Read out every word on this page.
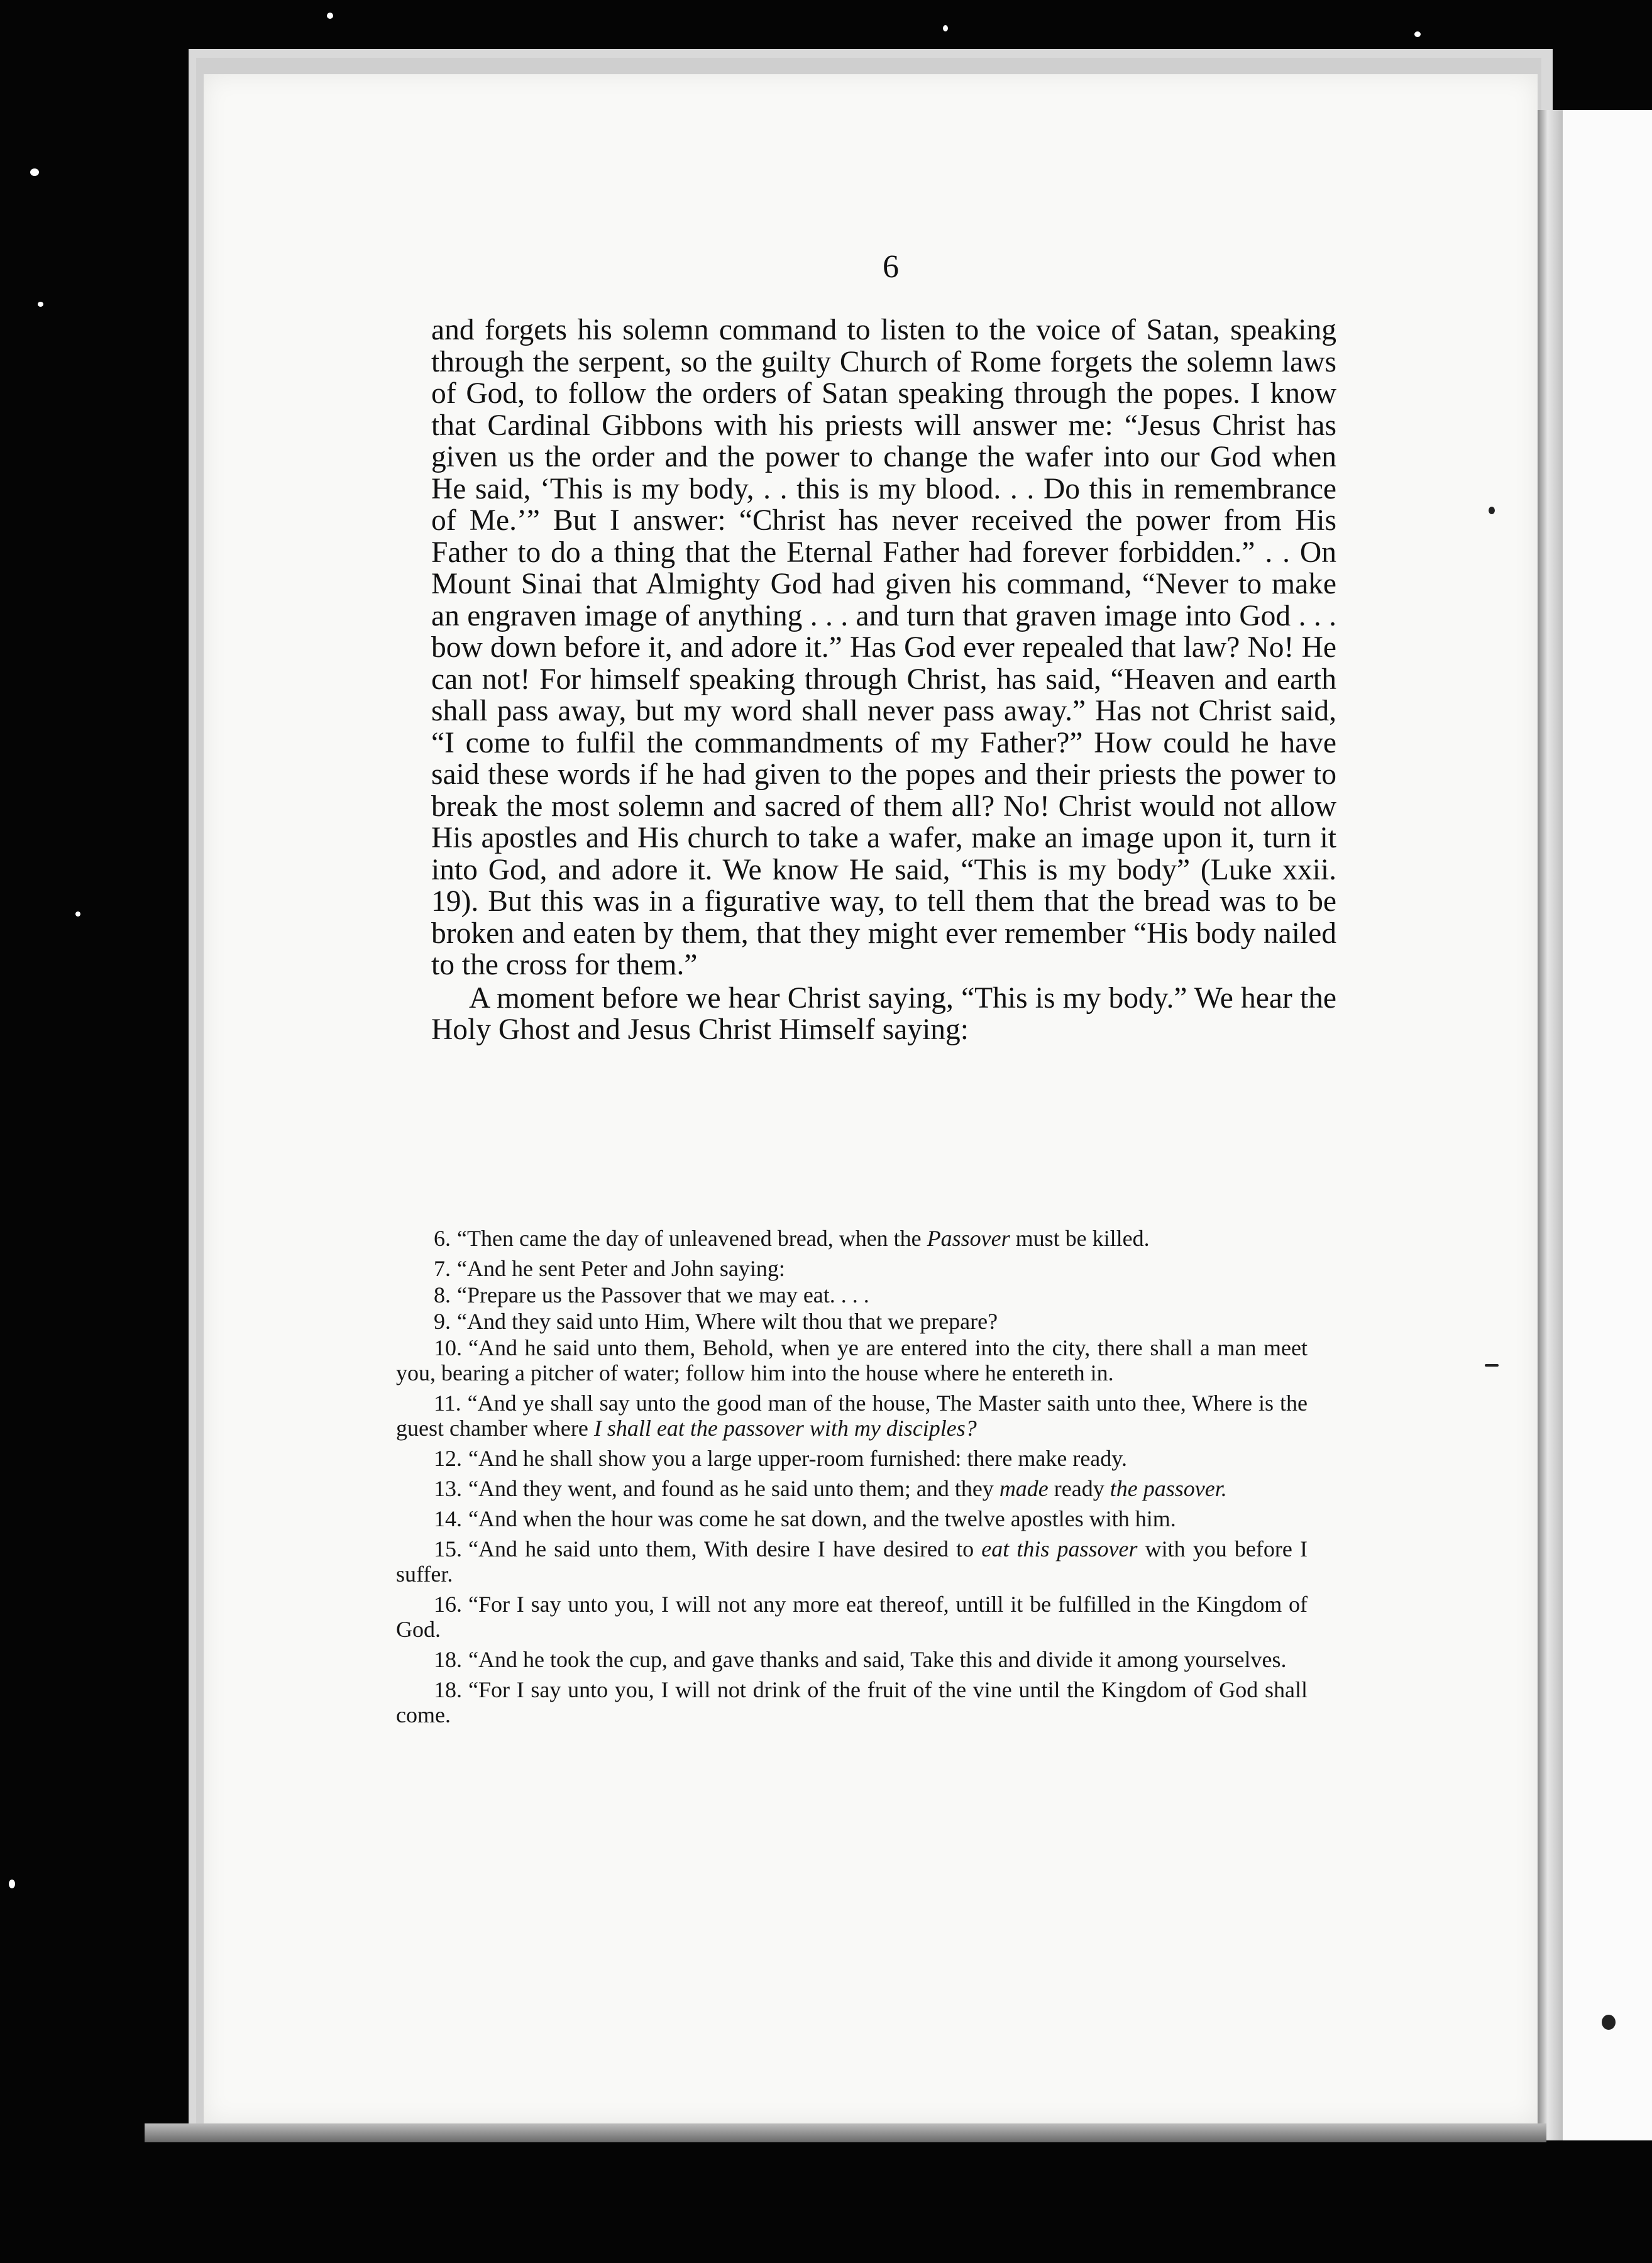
6

and forgets his solemn command to listen to the voice of Satan, speaking through the serpent, so the guilty Church of Rome forgets the solemn laws of God, to follow the orders of Satan speaking through the popes. I know that Cardinal Gibbons with his priests will answer me: “Jesus Christ has given us the order and the power to change the wafer into our God when He said, ‘This is my body, . . this is my blood. . . Do this in remembrance of Me.’” But I answer: “Christ has never received the power from His Father to do a thing that the Eternal Father had forever forbidden.” . . On Mount Sinai that Almighty God had given his command, “Never to make an engraven image of anything . . . and turn that graven image into God . . . bow down before it, and adore it.” Has God ever repealed that law? No! He can not! For himself speaking through Christ, has said, “Heaven and earth shall pass away, but my word shall never pass away.” Has not Christ said, “I come to fulfil the commandments of my Father?” How could he have said these words if he had given to the popes and their priests the power to break the most solemn and sacred of them all? No! Christ would not allow His apostles and His church to take a wafer, make an image upon it, turn it into God, and adore it. We know He said, “This is my body” (Luke xxii. 19). But this was in a figurative way, to tell them that the bread was to be broken and eaten by them, that they might ever remember “His body nailed to the cross for them.”

A moment before we hear Christ saying, “This is my body.” We hear the Holy Ghost and Jesus Christ Himself saying:

6. “Then came the day of unleavened bread, when the Passover must be killed.

7. “And he sent Peter and John saying:

8. “Prepare us the Passover that we may eat. . . .

9. “And they said unto Him, Where wilt thou that we prepare?

10. “And he said unto them, Behold, when ye are entered into the city, there shall a man meet you, bearing a pitcher of water; follow him into the house where he entereth in.

11. “And ye shall say unto the good man of the house, The Master saith unto thee, Where is the guest chamber where I shall eat the passover with my disciples?

12. “And he shall show you a large upper-room furnished: there make ready.

13. “And they went, and found as he said unto them; and they made ready the passover.

14. “And when the hour was come he sat down, and the twelve apostles with him.

15. “And he said unto them, With desire I have desired to eat this passover with you before I suffer.

16. “For I say unto you, I will not any more eat thereof, untill it be fulfilled in the Kingdom of God.

18. “And he took the cup, and gave thanks and said, Take this and divide it among yourselves.

18. “For I say unto you, I will not drink of the fruit of the vine until the Kingdom of God shall come.
